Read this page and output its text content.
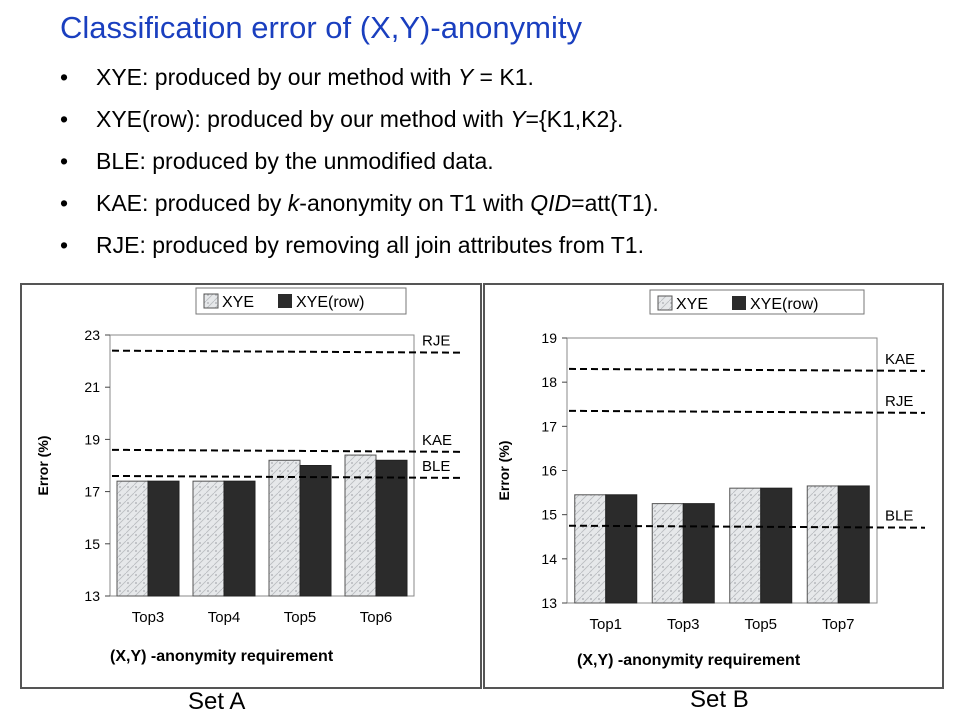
Classification error of (X,Y)-anonymity
• XYE: produced by our method with Y = K1.
• XYE(row): produced by our method with Y={K1,K2}.
• BLE: produced by the unmodified data.
• KAE: produced by k-anonymity on T1 with QID=att(T1).
• RJE: produced by removing all join attributes from T1.
XYE	XYE(row)
13
15
17
19
21
23
Error (%)
Top3	Top4	Top5	Top6
RJE
KAE
BLE
(X,Y) -anonymity requirement
XYE	XYE(row)
13
14
15
16
17
18
19
Error (%)
Top1	Top3	Top5	Top7
KAE
RJE
BLE
(X,Y) -anonymity requirement
Set A	Set B
